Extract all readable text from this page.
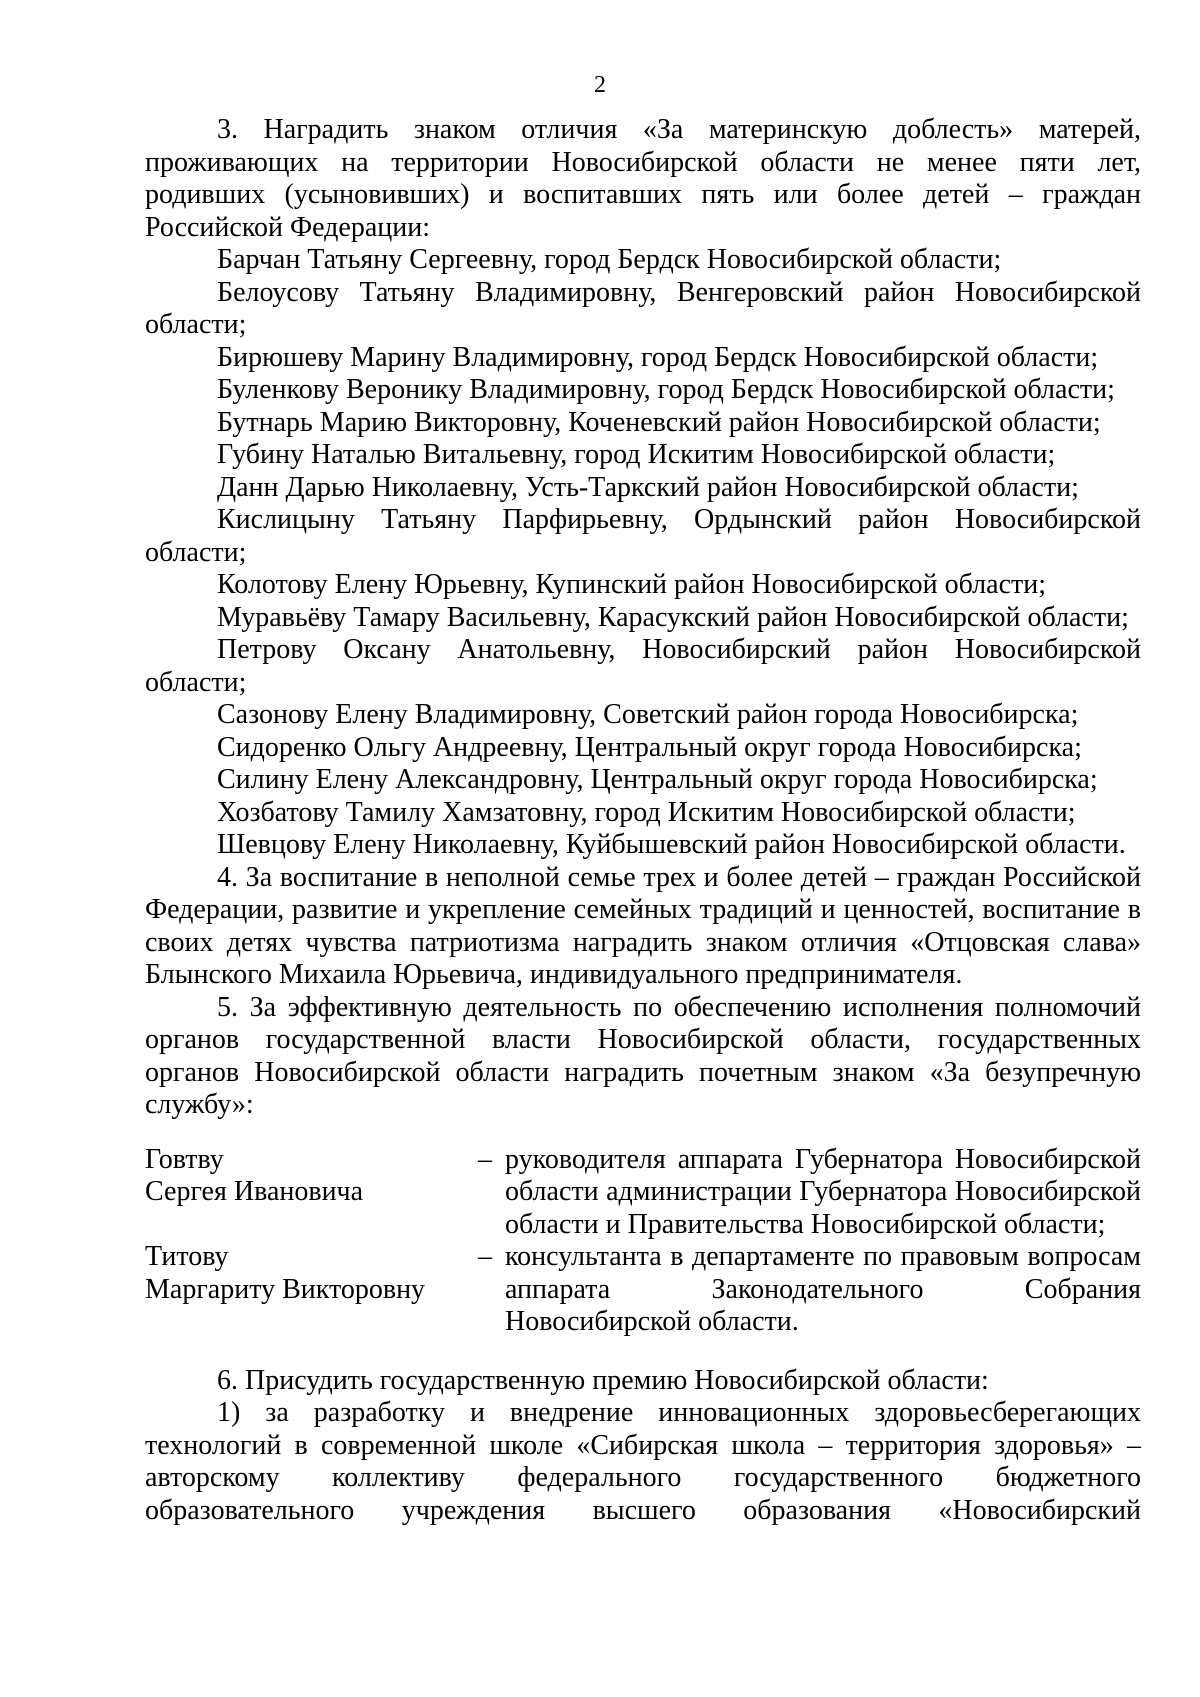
2

3. Наградить знаком отличия «За материнскую доблесть» матерей, проживающих на территории Новосибирской области не менее пяти лет, родивших (усыновивших) и воспитавших пять или более детей – граждан Российской Федерации:

Барчан Татьяну Сергеевну, город Бердск Новосибирской области;

Белоусову Татьяну Владимировну, Венгеровский район Новосибирской области;

Бирюшеву Марину Владимировну, город Бердск Новосибирской области;

Буленкову Веронику Владимировну, город Бердск Новосибирской области;

Бутнарь Марию Викторовну, Коченевский район Новосибирской области;

Губину Наталью Витальевну, город Искитим Новосибирской области;

Данн Дарью Николаевну, Усть-Таркский район Новосибирской области;

Кислицыну Татьяну Парфирьевну, Ордынский район Новосибирской области;

Колотову Елену Юрьевну, Купинский район Новосибирской области;

Муравьёву Тамару Васильевну, Карасукский район Новосибирской области;

Петрову Оксану Анатольевну, Новосибирский район Новосибирской области;

Сазонову Елену Владимировну, Советский район города Новосибирска;

Сидоренко Ольгу Андреевну, Центральный округ города Новосибирска;

Силину Елену Александровну, Центральный округ города Новосибирска;

Хозбатову Тамилу Хамзатовну, город Искитим Новосибирской области;

Шевцову Елену Николаевну, Куйбышевский район Новосибирской области.

4. За воспитание в неполной семье трех и более детей – граждан Российской Федерации, развитие и укрепление семейных традиций и ценностей, воспитание в своих детях чувства патриотизма наградить знаком отличия «Отцовская слава» Блынского Михаила Юрьевича, индивидуального предпринимателя.

5. За эффективную деятельность по обеспечению исполнения полномочий органов государственной власти Новосибирской области, государственных органов Новосибирской области наградить почетным знаком «За безупречную службу»:

Говтву
Сергея Ивановича
– руководителя аппарата Губернатора Новосибирской области администрации Губернатора Новосибирской области и Правительства Новосибирской области;
Титову
Маргариту Викторовну
– консультанта в департаменте по правовым вопросам аппарата Законодательного Собрания Новосибирской области.

6. Присудить государственную премию Новосибирской области:

1) за разработку и внедрение инновационных здоровьесберегающих технологий в современной школе «Сибирская школа – территория здоровья» – авторскому коллективу федерального государственного бюджетного образовательного учреждения высшего образования «Новосибирский
